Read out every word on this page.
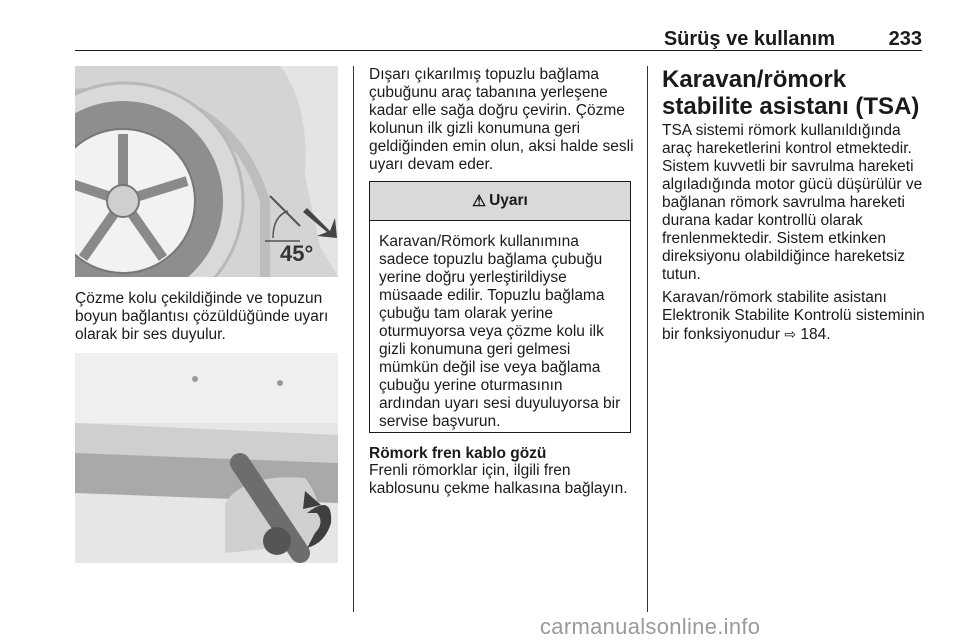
Sürüş ve kullanım	233
45°

Çözme kolu çekildiğinde ve topuzun boyun bağlantısı çözüldüğünde uyarı olarak bir ses duyulur.

Dışarı çıkarılmış topuzlu bağlama çubuğunu araç tabanına yerleşene kadar elle sağa doğru çevirin. Çözme kolunun ilk gizli konumuna geri geldiğinden emin olun, aksi halde sesli uyarı devam eder.

⚠ Uyarı

Karavan/Römork kullanımına sadece topuzlu bağlama çubuğu yerine doğru yerleştirildiyse müsaade edilir. Topuzlu bağlama çubuğu tam olarak yerine oturmuyorsa veya çözme kolu ilk gizli konumuna geri gelmesi mümkün değil ise veya bağlama çubuğu yerine oturmasının ardından uyarı sesi duyuluyorsa bir servise başvurun.

Römork fren kablo gözü

Frenli römorklar için, ilgili fren kablosunu çekme halkasına bağlayın.

Karavan/römork stabilite asistanı (TSA)

TSA sistemi römork kullanıldığında araç hareketlerini kontrol etmektedir. Sistem kuvvetli bir savrulma hareketi algıladığında motor gücü düşürülür ve bağlanan römork savrulma hareketi durana kadar kontrollü olarak frenlenmektedir. Sistem etkinken direksiyonu olabildiğince hareketsiz tutun.

Karavan/römork stabilite asistanı Elektronik Stabilite Kontrolü sisteminin bir fonksiyonudur ⇨ 184.

carmanualsonline.info
